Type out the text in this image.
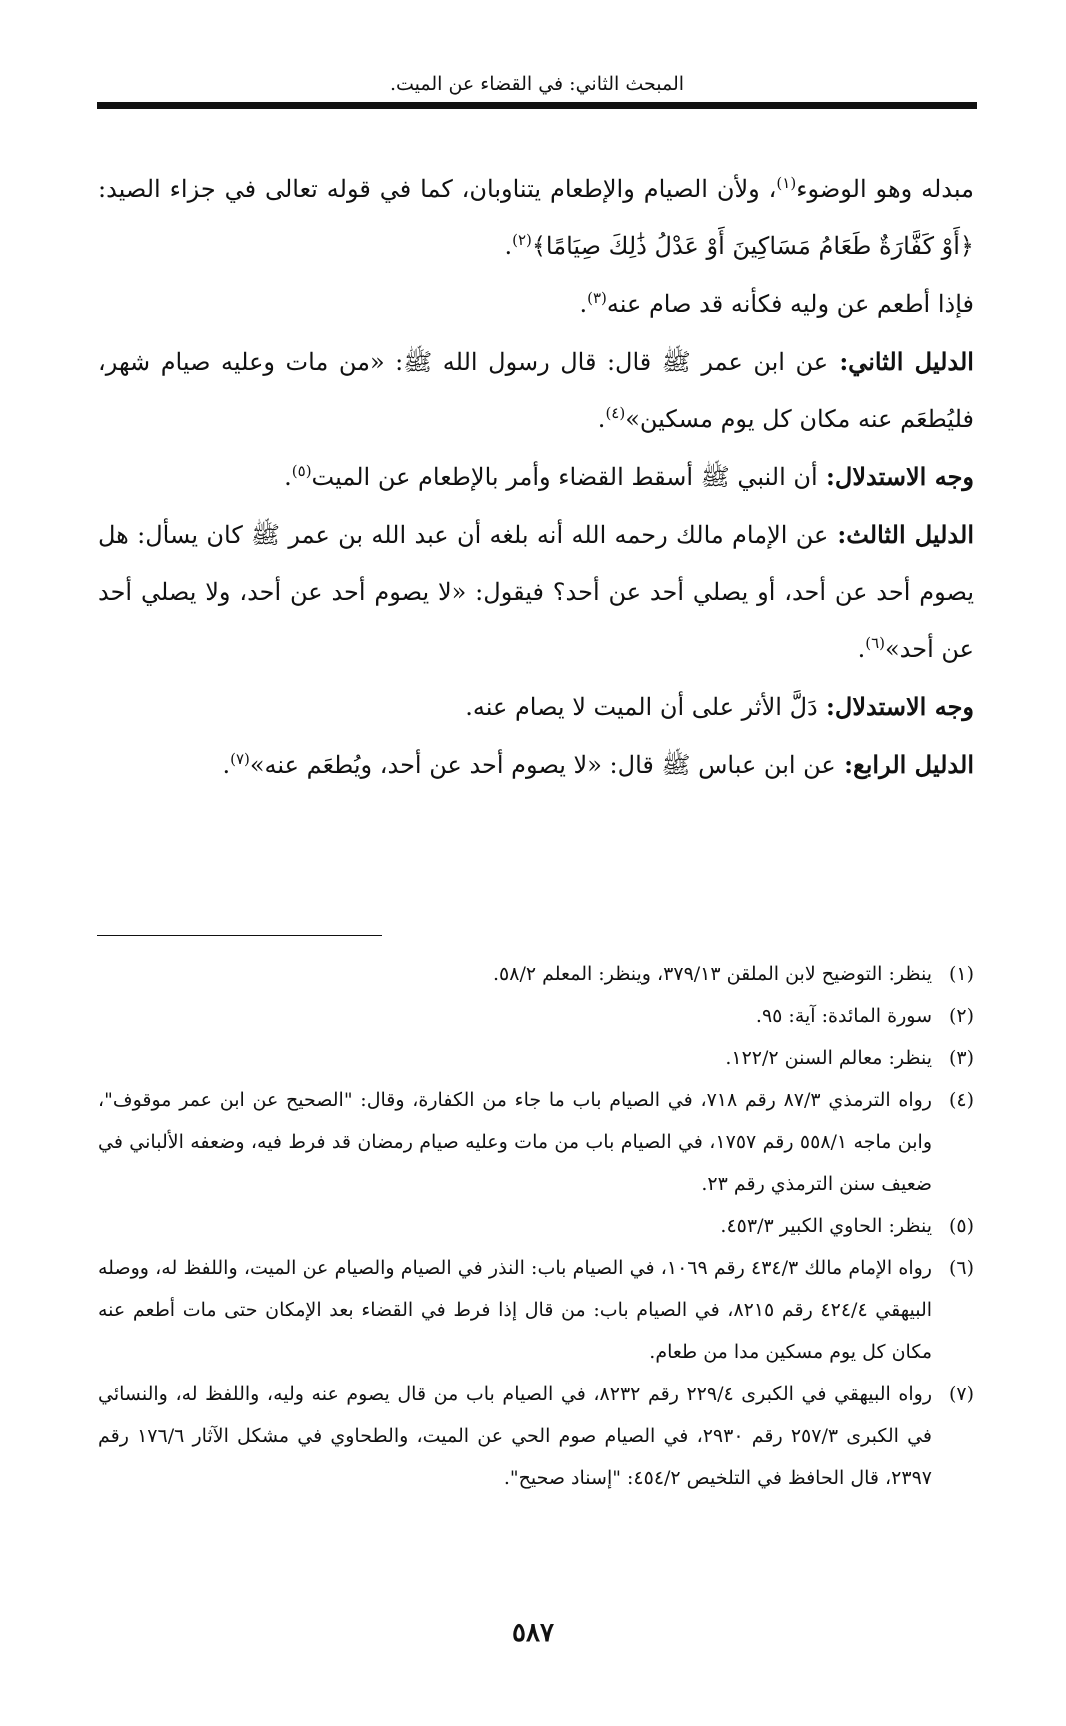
المبحث الثاني: في القضاء عن الميت.

مبدله وهو الوضوء$^{(١)}$، ولأن الصيام والإطعام يتناوبان، كما في قوله تعالى في جزاء الصيد: ﴿أَوْ كَفَّارَةٌ طَعَامُ مَسَاكِينَ أَوْ عَدْلُ ذَٰلِكَ صِيَامًا﴾$^{(٢)}$.

فإذا أطعم عن وليه فكأنه قد صام عنه$^{(٣)}$.

الدليل الثاني: عن ابن عمر ﷺ قال: قال رسول الله ﷺ: «من مات وعليه صيام شهر، فليُطعَم عنه مكان كل يوم مسكين»$^{(٤)}$.

وجه الاستدلال: أن النبي ﷺ أسقط القضاء وأمر بالإطعام عن الميت$^{(٥)}$.

الدليل الثالث: عن الإمام مالك رحمه الله أنه بلغه أن عبد الله بن عمر ﷺ كان يسأل: هل يصوم أحد عن أحد، أو يصلي أحد عن أحد؟ فيقول: «لا يصوم أحد عن أحد، ولا يصلي أحد عن أحد»$^{(٦)}$.

وجه الاستدلال: دَلَّ الأثر على أن الميت لا يصام عنه.

الدليل الرابع: عن ابن عباس ﷺ قال: «لا يصوم أحد عن أحد، ويُطعَم عنه»$^{(٧)}$.

(١)
ينظر: التوضيح لابن الملقن ٣٧٩/١٣، وينظر: المعلم ٥٨/٢.
(٢)
سورة المائدة: آية: ٩٥.
(٣)
ينظر: معالم السنن ١٢٢/٢.
(٤)
رواه الترمذي ٨٧/٣ رقم ٧١٨، في الصيام باب ما جاء من الكفارة، وقال: "الصحيح عن ابن عمر موقوف"، وابن ماجه ٥٥٨/١ رقم ١٧٥٧، في الصيام باب من مات وعليه صيام رمضان قد فرط فيه، وضعفه الألباني في ضعيف سنن الترمذي رقم ٢٣.
(٥)
ينظر: الحاوي الكبير ٤٥٣/٣.
(٦)
رواه الإمام مالك ٤٣٤/٣ رقم ١٠٦٩، في الصيام باب: النذر في الصيام والصيام عن الميت، واللفظ له، ووصله البيهقي ٤٢٤/٤ رقم ٨٢١٥، في الصيام باب: من قال إذا فرط في القضاء بعد الإمكان حتى مات أطعم عنه مكان كل يوم مسكين مدا من طعام.
(٧)
رواه البيهقي في الكبرى ٢٢٩/٤ رقم ٨٢٣٢، في الصيام باب من قال يصوم عنه وليه، واللفظ له، والنسائي في الكبرى ٢٥٧/٣ رقم ٢٩٣٠، في الصيام صوم الحي عن الميت، والطحاوي في مشكل الآثار ١٧٦/٦ رقم ٢٣٩٧، قال الحافظ في التلخيص ٤٥٤/٢: "إسناد صحيح".
٥٨٧
